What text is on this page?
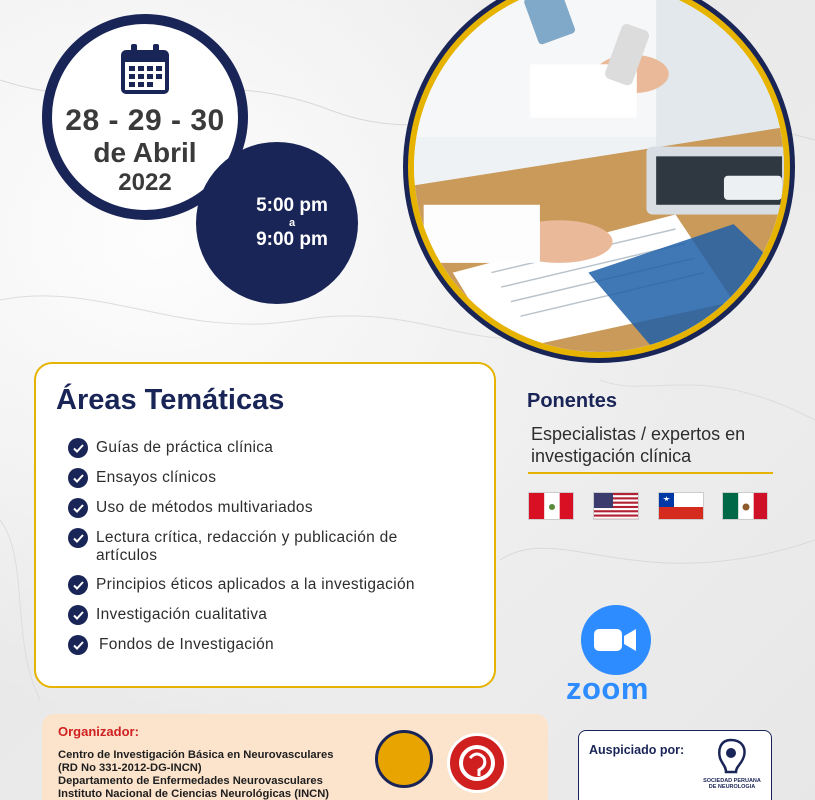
28 - 29 - 30
de Abril
2022
5:00 pm
a
9:00 pm
Áreas Temáticas
Guías de práctica clínica
Ensayos clínicos
Uso de métodos multivariados
Lectura crítica, redacción y publicación de artículos
Principios éticos aplicados a la investigación
Investigación cualitativa
Fondos de Investigación
Ponentes
Especialistas / expertos en investigación clínica
zoom
Organizador:
Centro de Investigación Básica en Neurovasculares
(RD No 331-2012-DG-INCN)
Departamento de Enfermedades Neurovasculares
Instituto Nacional de Ciencias Neurológicas (INCN)
Auspiciado por:
SOCIEDAD PERUANA DE NEUROLOGIA
